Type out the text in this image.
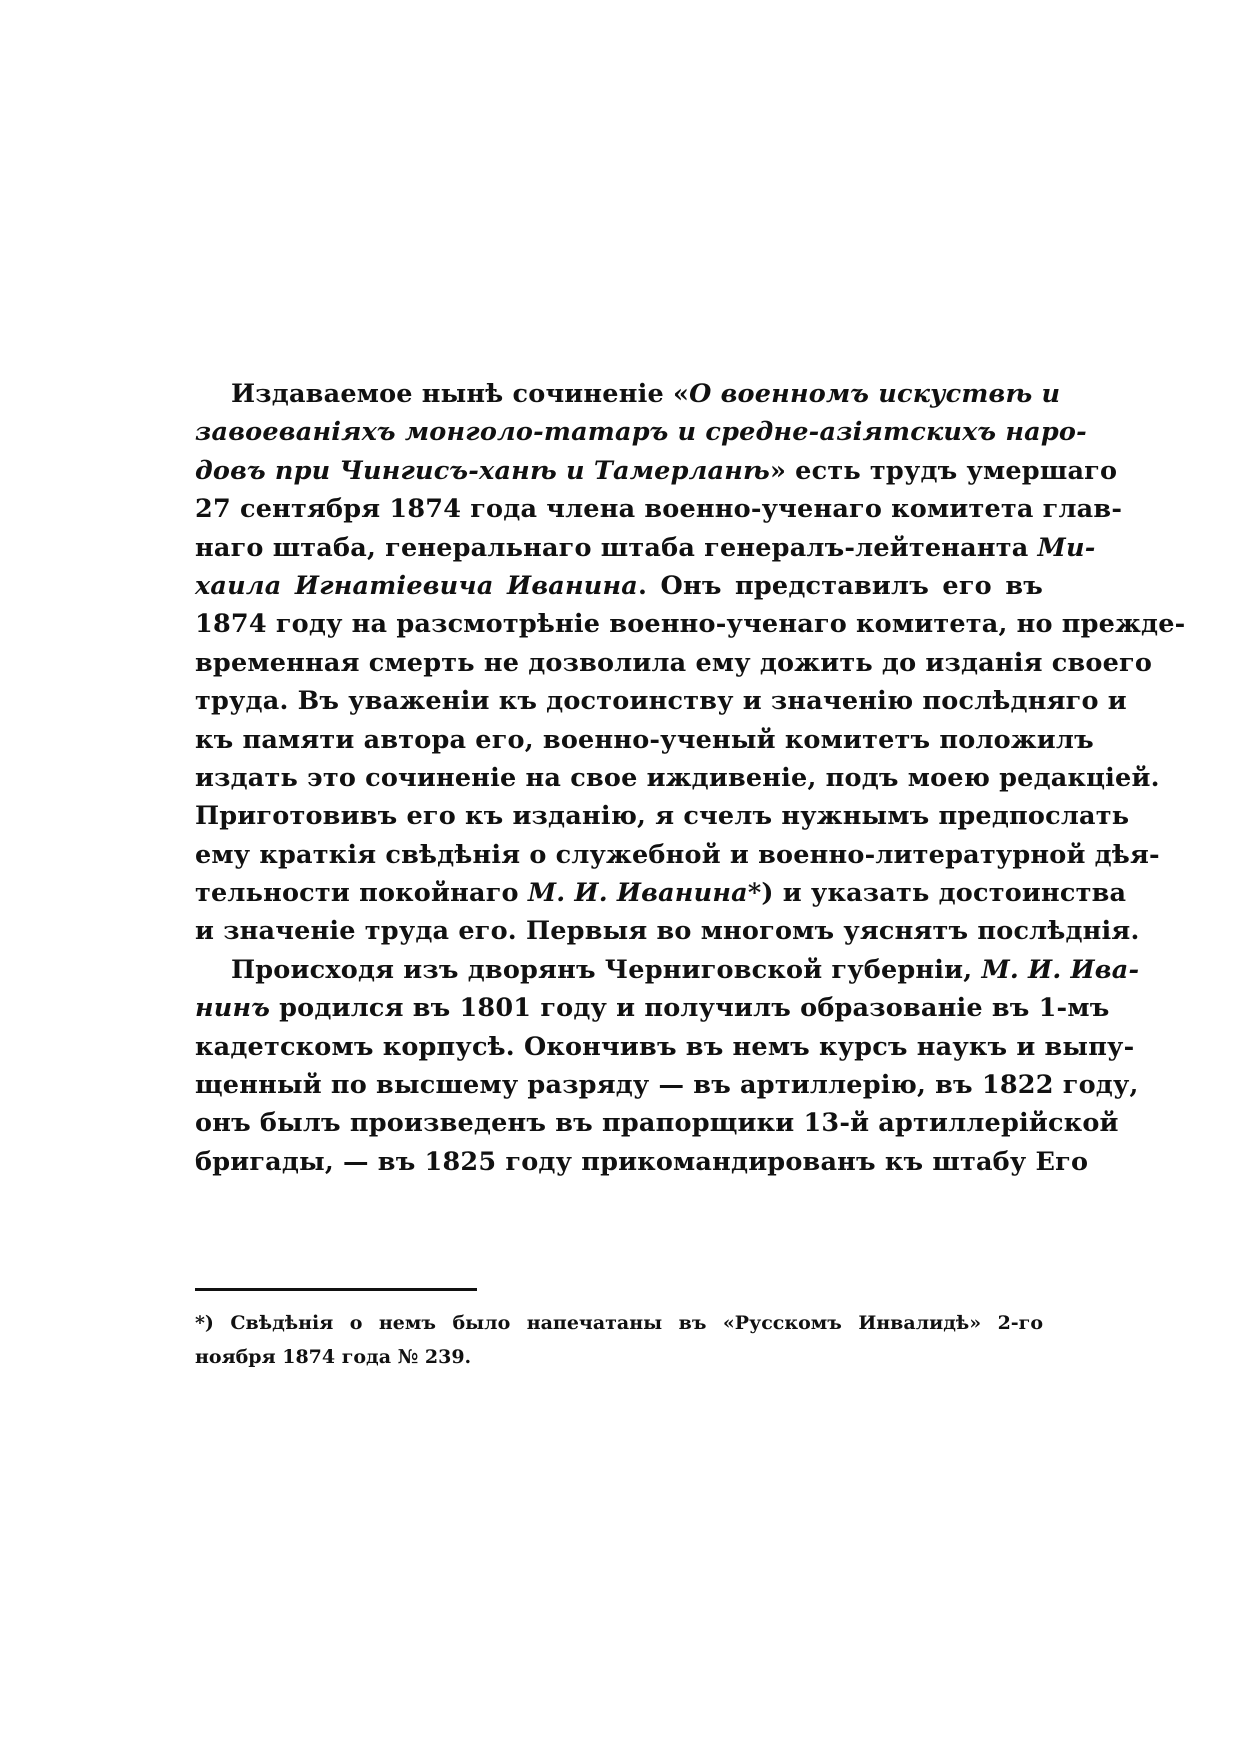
Издаваемое нынѣ сочиненіе «О военномъ искуствѣ и
завоеваніяхъ монголо-татаръ и средне-азіятскихъ наро-
довъ при Чингисъ-ханѣ и Тамерланѣ» есть трудъ умершаго
27 сентября 1874 года члена военно-ученаго комитета глав-
наго штаба, генеральнаго штаба генералъ-лейтенанта Ми-
хаила Игнатіевича Иванина. Онъ представилъ его въ
1874 году на разсмотрѣніе военно-ученаго комитета, но прежде-
временная смерть не дозволила ему дожить до изданія своего
труда. Въ уваженіи къ достоинству и значенію послѣдняго и
къ памяти автора его, военно-ученый комитетъ положилъ
издать это сочиненіе на свое иждивеніе, подъ моею редакціей.
Приготовивъ его къ изданію, я счелъ нужнымъ предпослать
ему краткія свѣдѣнія о служебной и военно-литературной дѣя-
тельности покойнаго М. И. Иванина*) и указать достоинства
и значеніе труда его. Первыя во многомъ уяснятъ послѣднія.
Происходя изъ дворянъ Черниговской губерніи, М. И. Ива-
нинъ родился въ 1801 году и получилъ образованіе въ 1-мъ
кадетскомъ корпусѣ. Окончивъ въ немъ курсъ наукъ и выпу-
щенный по высшему разряду — въ артиллерію, въ 1822 году,
онъ былъ произведенъ въ прапорщики 13-й артиллерійской
бригады, — въ 1825 году прикомандированъ къ штабу Его
*) Свѣдѣнія о немъ было напечатаны въ «Русскомъ Инвалидѣ» 2-го
ноября 1874 года № 239.
